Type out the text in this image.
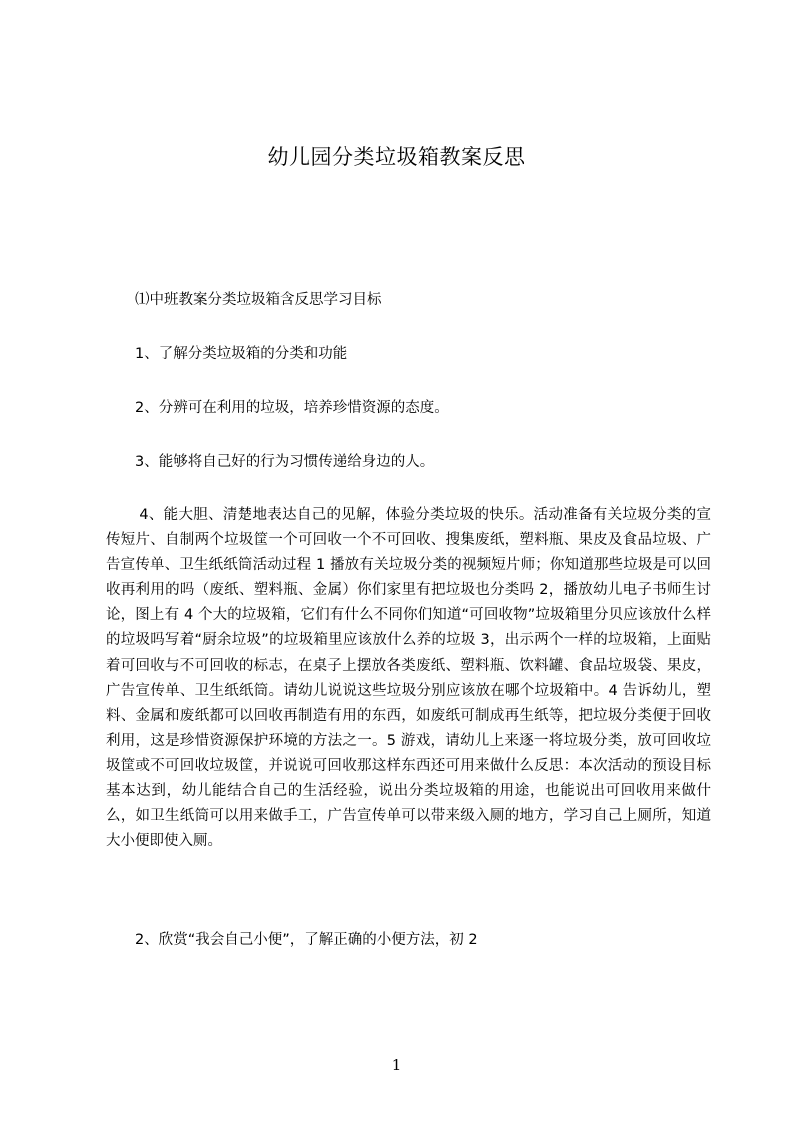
幼儿园分类垃圾箱教案反思
⑴中班教案分类垃圾箱含反思学习目标
1、了解分类垃圾箱的分类和功能
2、分辨可在利用的垃圾，培养珍惜资源的态度。
3、能够将自己好的行为习惯传递给身边的人。
4、能大胆、清楚地表达自己的见解，体验分类垃圾的快乐。活动准备有关垃圾分类的宣传短片、自制两个垃圾筐一个可回收一个不可回收、搜集废纸，塑料瓶、果皮及食品垃圾、广告宣传单、卫生纸纸筒活动过程 1 播放有关垃圾分类的视频短片师；你知道那些垃圾是可以回收再利用的吗（废纸、塑料瓶、金属）你们家里有把垃圾也分类吗 2，播放幼儿电子书师生讨论，图上有 4 个大的垃圾箱，它们有什么不同你们知道“可回收物”垃圾箱里分贝应该放什么样的垃圾吗写着“厨余垃圾”的垃圾箱里应该放什么养的垃圾 3，出示两个一样的垃圾箱，上面贴着可回收与不可回收的标志，在桌子上摆放各类废纸、塑料瓶、饮料罐、食品垃圾袋、果皮，广告宣传单、卫生纸纸筒。请幼儿说说这些垃圾分别应该放在哪个垃圾箱中。4 告诉幼儿，塑料、金属和废纸都可以回收再制造有用的东西，如废纸可制成再生纸等，把垃圾分类便于回收利用，这是珍惜资源保护环境的方法之一。5 游戏，请幼儿上来逐一将垃圾分类，放可回收垃圾筐或不可回收垃圾筐，并说说可回收那这样东西还可用来做什么反思：本次活动的预设目标基本达到，幼儿能结合自己的生活经验，说出分类垃圾箱的用途，也能说出可回收用来做什么，如卫生纸筒可以用来做手工，广告宣传单可以带来级入厕的地方，学习自己上厕所，知道大小便即使入厕。
2、欣赏“我会自己小便”，了解正确的小便方法，初 2
1
